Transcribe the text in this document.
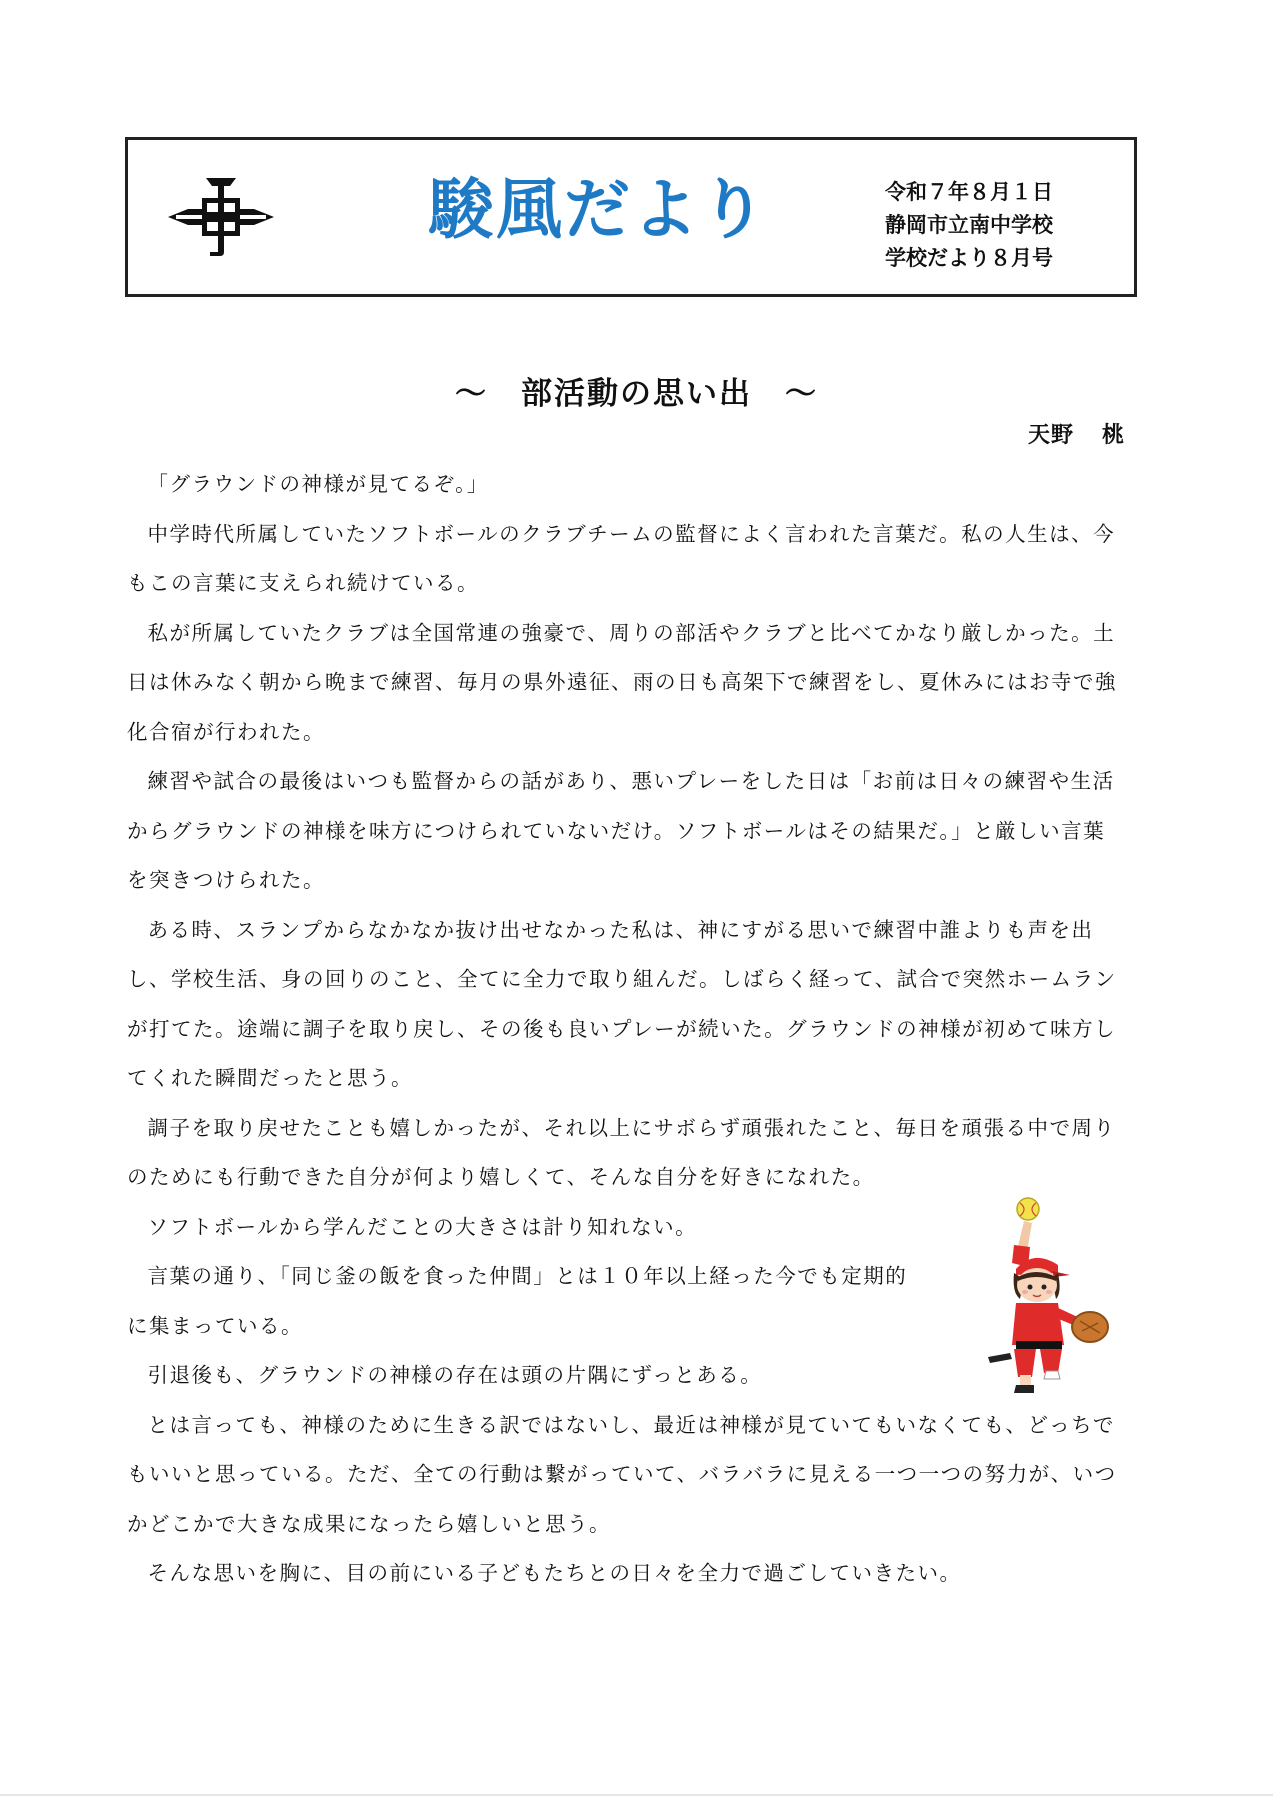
駿風だより	令和７年８月１日
静岡市立南中学校
学校だより８月号
～　部活動の思い出　～
天野 桃

「グラウンドの神様が見てるぞ。」

中学時代所属していたソフトボールのクラブチームの監督によく言われた言葉だ。私の人生は、今もこの言葉に支えられ続けている。

私が所属していたクラブは全国常連の強豪で、周りの部活やクラブと比べてかなり厳しかった。土日は休みなく朝から晩まで練習、毎月の県外遠征、雨の日も高架下で練習をし、夏休みにはお寺で強化合宿が行われた。

練習や試合の最後はいつも監督からの話があり、悪いプレーをした日は「お前は日々の練習や生活からグラウンドの神様を味方につけられていないだけ。ソフトボールはその結果だ。」と厳しい言葉を突きつけられた。

ある時、スランプからなかなか抜け出せなかった私は、神にすがる思いで練習中誰よりも声を出し、学校生活、身の回りのこと、全てに全力で取り組んだ。しばらく経って、試合で突然ホームランが打てた。途端に調子を取り戻し、その後も良いプレーが続いた。グラウンドの神様が初めて味方してくれた瞬間だったと思う。

調子を取り戻せたことも嬉しかったが、それ以上にサボらず頑張れたこと、毎日を頑張る中で周りのためにも行動できた自分が何より嬉しくて、そんな自分を好きになれた。

ソフトボールから学んだことの大きさは計り知れない。

言葉の通り、「同じ釜の飯を食った仲間」とは１０年以上経った今でも定期的に集まっている。

引退後も、グラウンドの神様の存在は頭の片隅にずっとある。

とは言っても、神様のために生きる訳ではないし、最近は神様が見ていてもいなくても、どっちでもいいと思っている。ただ、全ての行動は繋がっていて、バラバラに見える一つ一つの努力が、いつかどこかで大きな成果になったら嬉しいと思う。

そんな思いを胸に、目の前にいる子どもたちとの日々を全力で過ごしていきたい。
